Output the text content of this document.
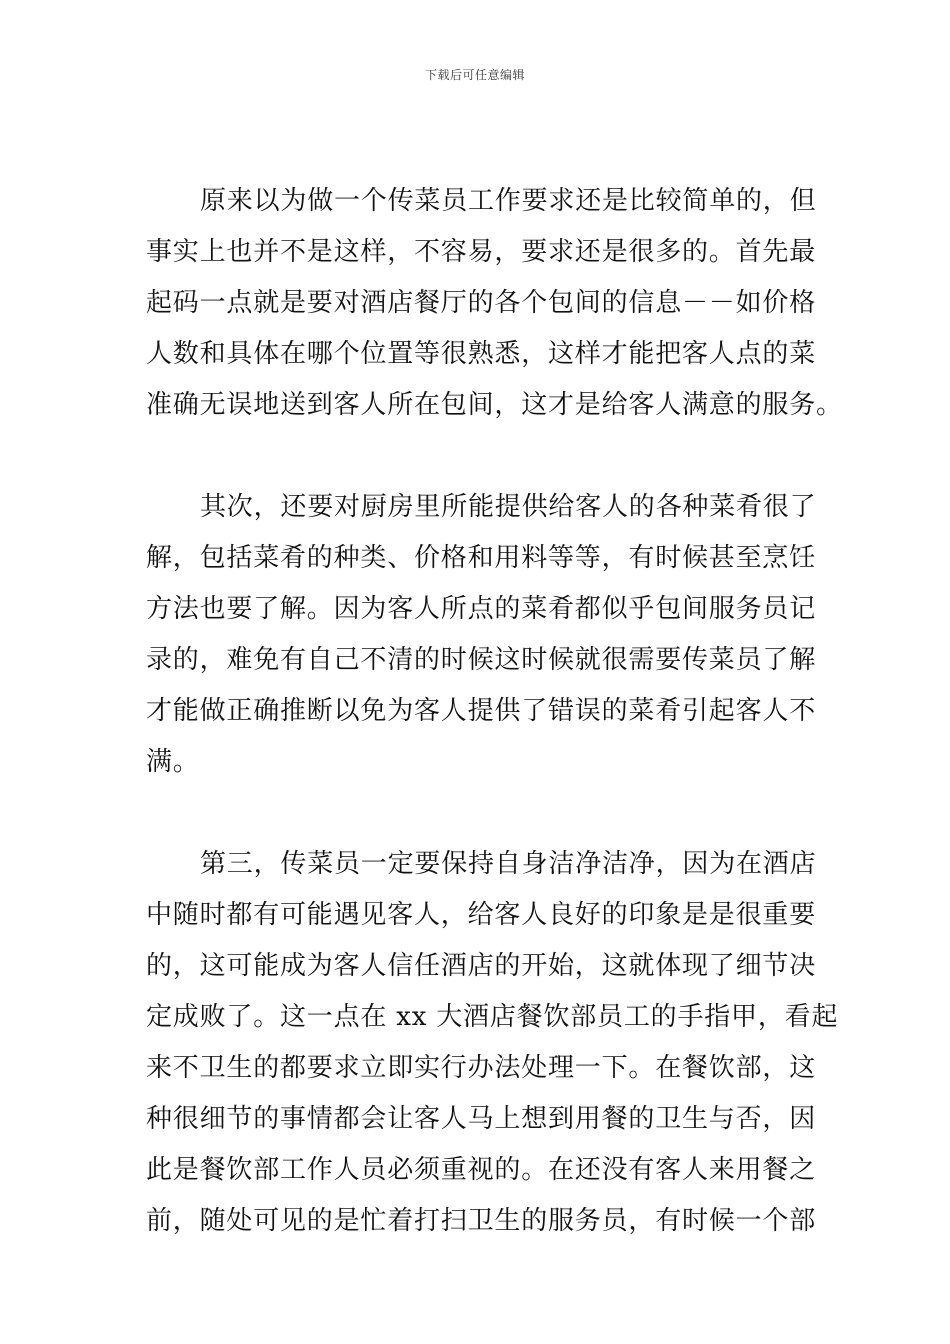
下载后可任意编辑
原来以为做一个传菜员工作要求还是比较简单的，但
事实上也并不是这样，不容易，要求还是很多的。首先最
起码一点就是要对酒店餐厅的各个包间的信息－－如价格
人数和具体在哪个位置等很熟悉，这样才能把客人点的菜
准确无误地送到客人所在包间，这才是给客人满意的服务。
其次，还要对厨房里所能提供给客人的各种菜肴很了
解，包括菜肴的种类、价格和用料等等，有时候甚至烹饪
方法也要了解。因为客人所点的菜肴都似乎包间服务员记
录的，难免有自己不清的时候这时候就很需要传菜员了解
才能做正确推断以免为客人提供了错误的菜肴引起客人不
满。
第三，传菜员一定要保持自身洁净洁净，因为在酒店
中随时都有可能遇见客人，给客人良好的印象是是很重要
的，这可能成为客人信任酒店的开始，这就体现了细节决
定成败了。这一点在 xx 大酒店餐饮部员工的手指甲，看起
来不卫生的都要求立即实行办法处理一下。在餐饮部，这
种很细节的事情都会让客人马上想到用餐的卫生与否，因
此是餐饮部工作人员必须重视的。在还没有客人来用餐之
前，随处可见的是忙着打扫卫生的服务员，有时候一个部
